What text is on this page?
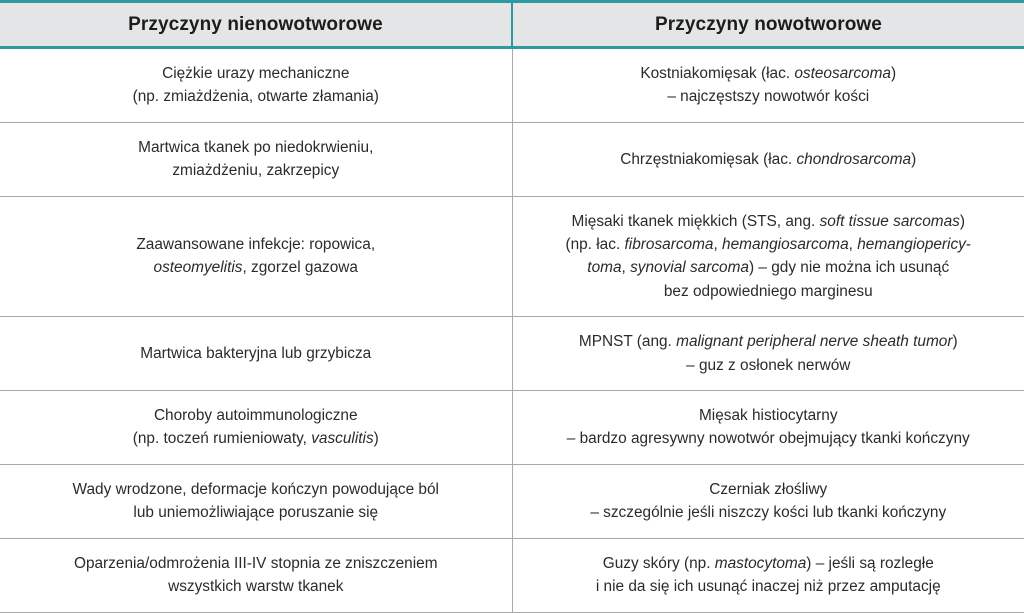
Przyczyny nienowotworowe	Przyczyny nowotworowe

Ciężkie urazy mechaniczne
(np. zmiażdżenia, otwarte złamania)	Kostniakomięsak (łac. osteosarcoma)
– najczęstszy nowotwór kości

Martwica tkanek po niedokrwieniu,
zmiażdżeniu, zakrzepicy	Chrzęstniakomięsak (łac. chondrosarcoma)

Zaawansowane infekcje: ropowica,
osteomyelitis, zgorzel gazowa	Mięsaki tkanek miękkich (STS, ang. soft tissue sarcomas)
(np. łac. fibrosarcoma, hemangiosarcoma, hemangiopericy-
toma, synovial sarcoma) – gdy nie można ich usunąć
bez odpowiedniego marginesu

Martwica bakteryjna lub grzybicza	MPNST (ang. malignant peripheral nerve sheath tumor)
– guz z osłonek nerwów

Choroby autoimmunologiczne
(np. toczeń rumieniowaty, vasculitis)	Mięsak histiocytarny
– bardzo agresywny nowotwór obejmujący tkanki kończyny

Wady wrodzone, deformacje kończyn powodujące ból
lub uniemożliwiające poruszanie się	Czerniak złośliwy
– szczególnie jeśli niszczy kości lub tkanki kończyny

Oparzenia/odmrożenia III-IV stopnia ze zniszczeniem
wszystkich warstw tkanek	Guzy skóry (np. mastocytoma) – jeśli są rozległe
i nie da się ich usunąć inaczej niż przez amputację
